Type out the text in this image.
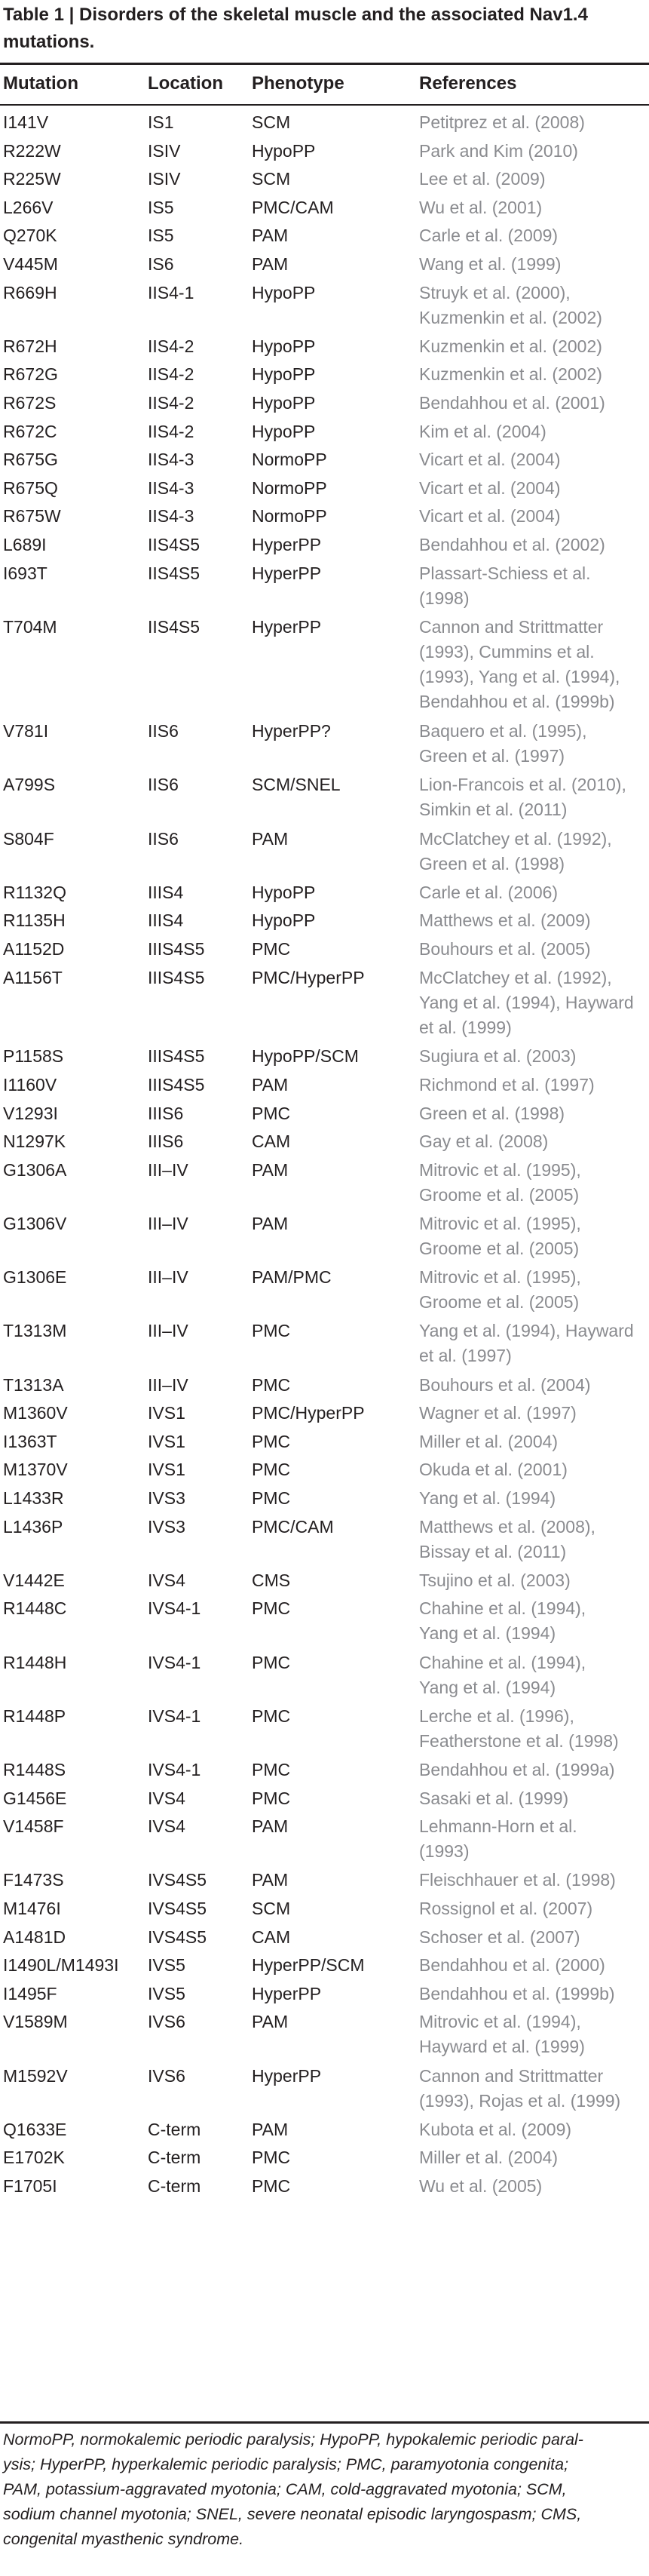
Table 1 | Disorders of the skeletal muscle and the associated Nav1.4
mutations.
Mutation	Location Phenotype	References
I141V	IS1	SCM	Petitprez et al. (2008)
R222W	ISIV	HypoPP	Park and Kim (2010)
R225W	ISIV	SCM	Lee et al. (2009)
L266V	IS5	PMC/CAM	Wu et al. (2001)
Q270K	IS5	PAM	Carle et al. (2009)
V445M	IS6	PAM	Wang et al. (1999)
R669H	IIS4-1	HypoPP	Struyk et al. (2000),
Kuzmenkin et al. (2002)
R672H	IIS4-2	HypoPP	Kuzmenkin et al. (2002)
R672G	IIS4-2	HypoPP	Kuzmenkin et al. (2002)
R672S	IIS4-2	HypoPP	Bendahhou et al. (2001)
R672C	IIS4-2	HypoPP	Kim et al. (2004)
R675G	IIS4-3	NormoPP	Vicart et al. (2004)
R675Q	IIS4-3	NormoPP	Vicart et al. (2004)
R675W	IIS4-3	NormoPP	Vicart et al. (2004)
L689I	IIS4S5	HyperPP	Bendahhou et al. (2002)
I693T	IIS4S5	HyperPP	Plassart-Schiess et al.
(1998)
T704M	IIS4S5	HyperPP	Cannon and Strittmatter
(1993), Cummins et al.
(1993), Yang et al. (1994),
Bendahhou et al. (1999b)
V781I	IIS6	HyperPP?	Baquero et al. (1995),
Green et al. (1997)
A799S	IIS6	SCM/SNEL	Lion-Francois et al. (2010),
Simkin et al. (2011)
S804F	IIS6	PAM	McClatchey et al. (1992),
Green et al. (1998)
R1132Q	IIIS4	HypoPP	Carle et al. (2006)
R1135H	IIIS4	HypoPP	Matthews et al. (2009)
A1152D	IIIS4S5	PMC	Bouhours et al. (2005)
A1156T	IIIS4S5	PMC/HyperPP	McClatchey et al. (1992),
Yang et al. (1994), Hayward
et al. (1999)
P1158S	IIIS4S5	HypoPP/SCM	Sugiura et al. (2003)
I1160V	IIIS4S5	PAM	Richmond et al. (1997)
V1293I	IIIS6	PMC	Green et al. (1998)
N1297K	IIIS6	CAM	Gay et al. (2008)
G1306A	III–IV	PAM	Mitrovic et al. (1995),
Groome et al. (2005)
G1306V	III–IV	PAM	Mitrovic et al. (1995),
Groome et al. (2005)
G1306E	III–IV	PAM/PMC	Mitrovic et al. (1995),
Groome et al. (2005)
T1313M	III–IV	PMC	Yang et al. (1994), Hayward
et al. (1997)
T1313A	III–IV	PMC	Bouhours et al. (2004)
M1360V	IVS1	PMC/HyperPP	Wagner et al. (1997)
I1363T	IVS1	PMC	Miller et al. (2004)
M1370V	IVS1	PMC	Okuda et al. (2001)
L1433R	IVS3	PMC	Yang et al. (1994)
L1436P	IVS3	PMC/CAM	Matthews et al. (2008),
Bissay et al. (2011)
V1442E	IVS4	CMS	Tsujino et al. (2003)
R1448C	IVS4-1	PMC	Chahine et al. (1994),
Yang et al. (1994)
R1448H	IVS4-1	PMC	Chahine et al. (1994),
Yang et al. (1994)
R1448P	IVS4-1	PMC	Lerche et al. (1996),
Featherstone et al. (1998)
R1448S	IVS4-1	PMC	Bendahhou et al. (1999a)
G1456E	IVS4	PMC	Sasaki et al. (1999)
V1458F	IVS4	PAM	Lehmann-Horn et al.
(1993)
F1473S	IVS4S5	PAM	Fleischhauer et al. (1998)
M1476I	IVS4S5	SCM	Rossignol et al. (2007)
A1481D	IVS4S5	CAM	Schoser et al. (2007)
I1490L/M1493I	IVS5	HyperPP/SCM	Bendahhou et al. (2000)
I1495F	IVS5	HyperPP	Bendahhou et al. (1999b)
V1589M	IVS6	PAM	Mitrovic et al. (1994),
Hayward et al. (1999)
M1592V	IVS6	HyperPP	Cannon and Strittmatter
(1993), Rojas et al. (1999)
Q1633E	C-term	PAM	Kubota et al. (2009)
E1702K	C-term	PMC	Miller et al. (2004)
F1705I	C-term	PMC	Wu et al. (2005)
NormoPP, normokalemic periodic paralysis; HypoPP, hypokalemic periodic paral-
ysis; HyperPP, hyperkalemic periodic paralysis; PMC, paramyotonia congenita;
PAM, potassium-aggravated myotonia; CAM, cold-aggravated myotonia; SCM,
sodium channel myotonia; SNEL, severe neonatal episodic laryngospasm; CMS,
congenital myasthenic syndrome.
